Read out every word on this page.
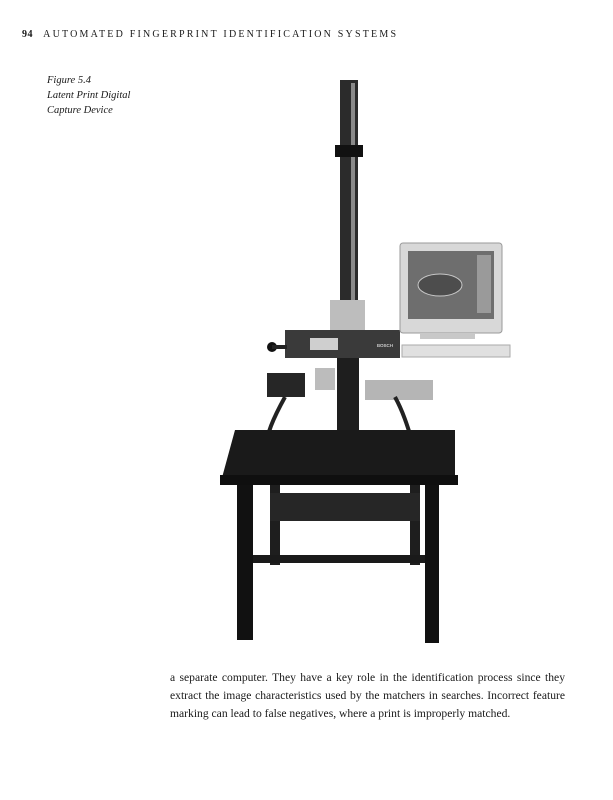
94 AUTOMATED FINGERPRINT IDENTIFICATION SYSTEMS
Figure 5.4
Latent Print Digital
Capture Device
BOSCH

a separate computer. They have a key role in the identification process since they extract the image characteristics used by the matchers in searches. Incorrect feature marking can lead to false negatives, where a print is improperly matched.
